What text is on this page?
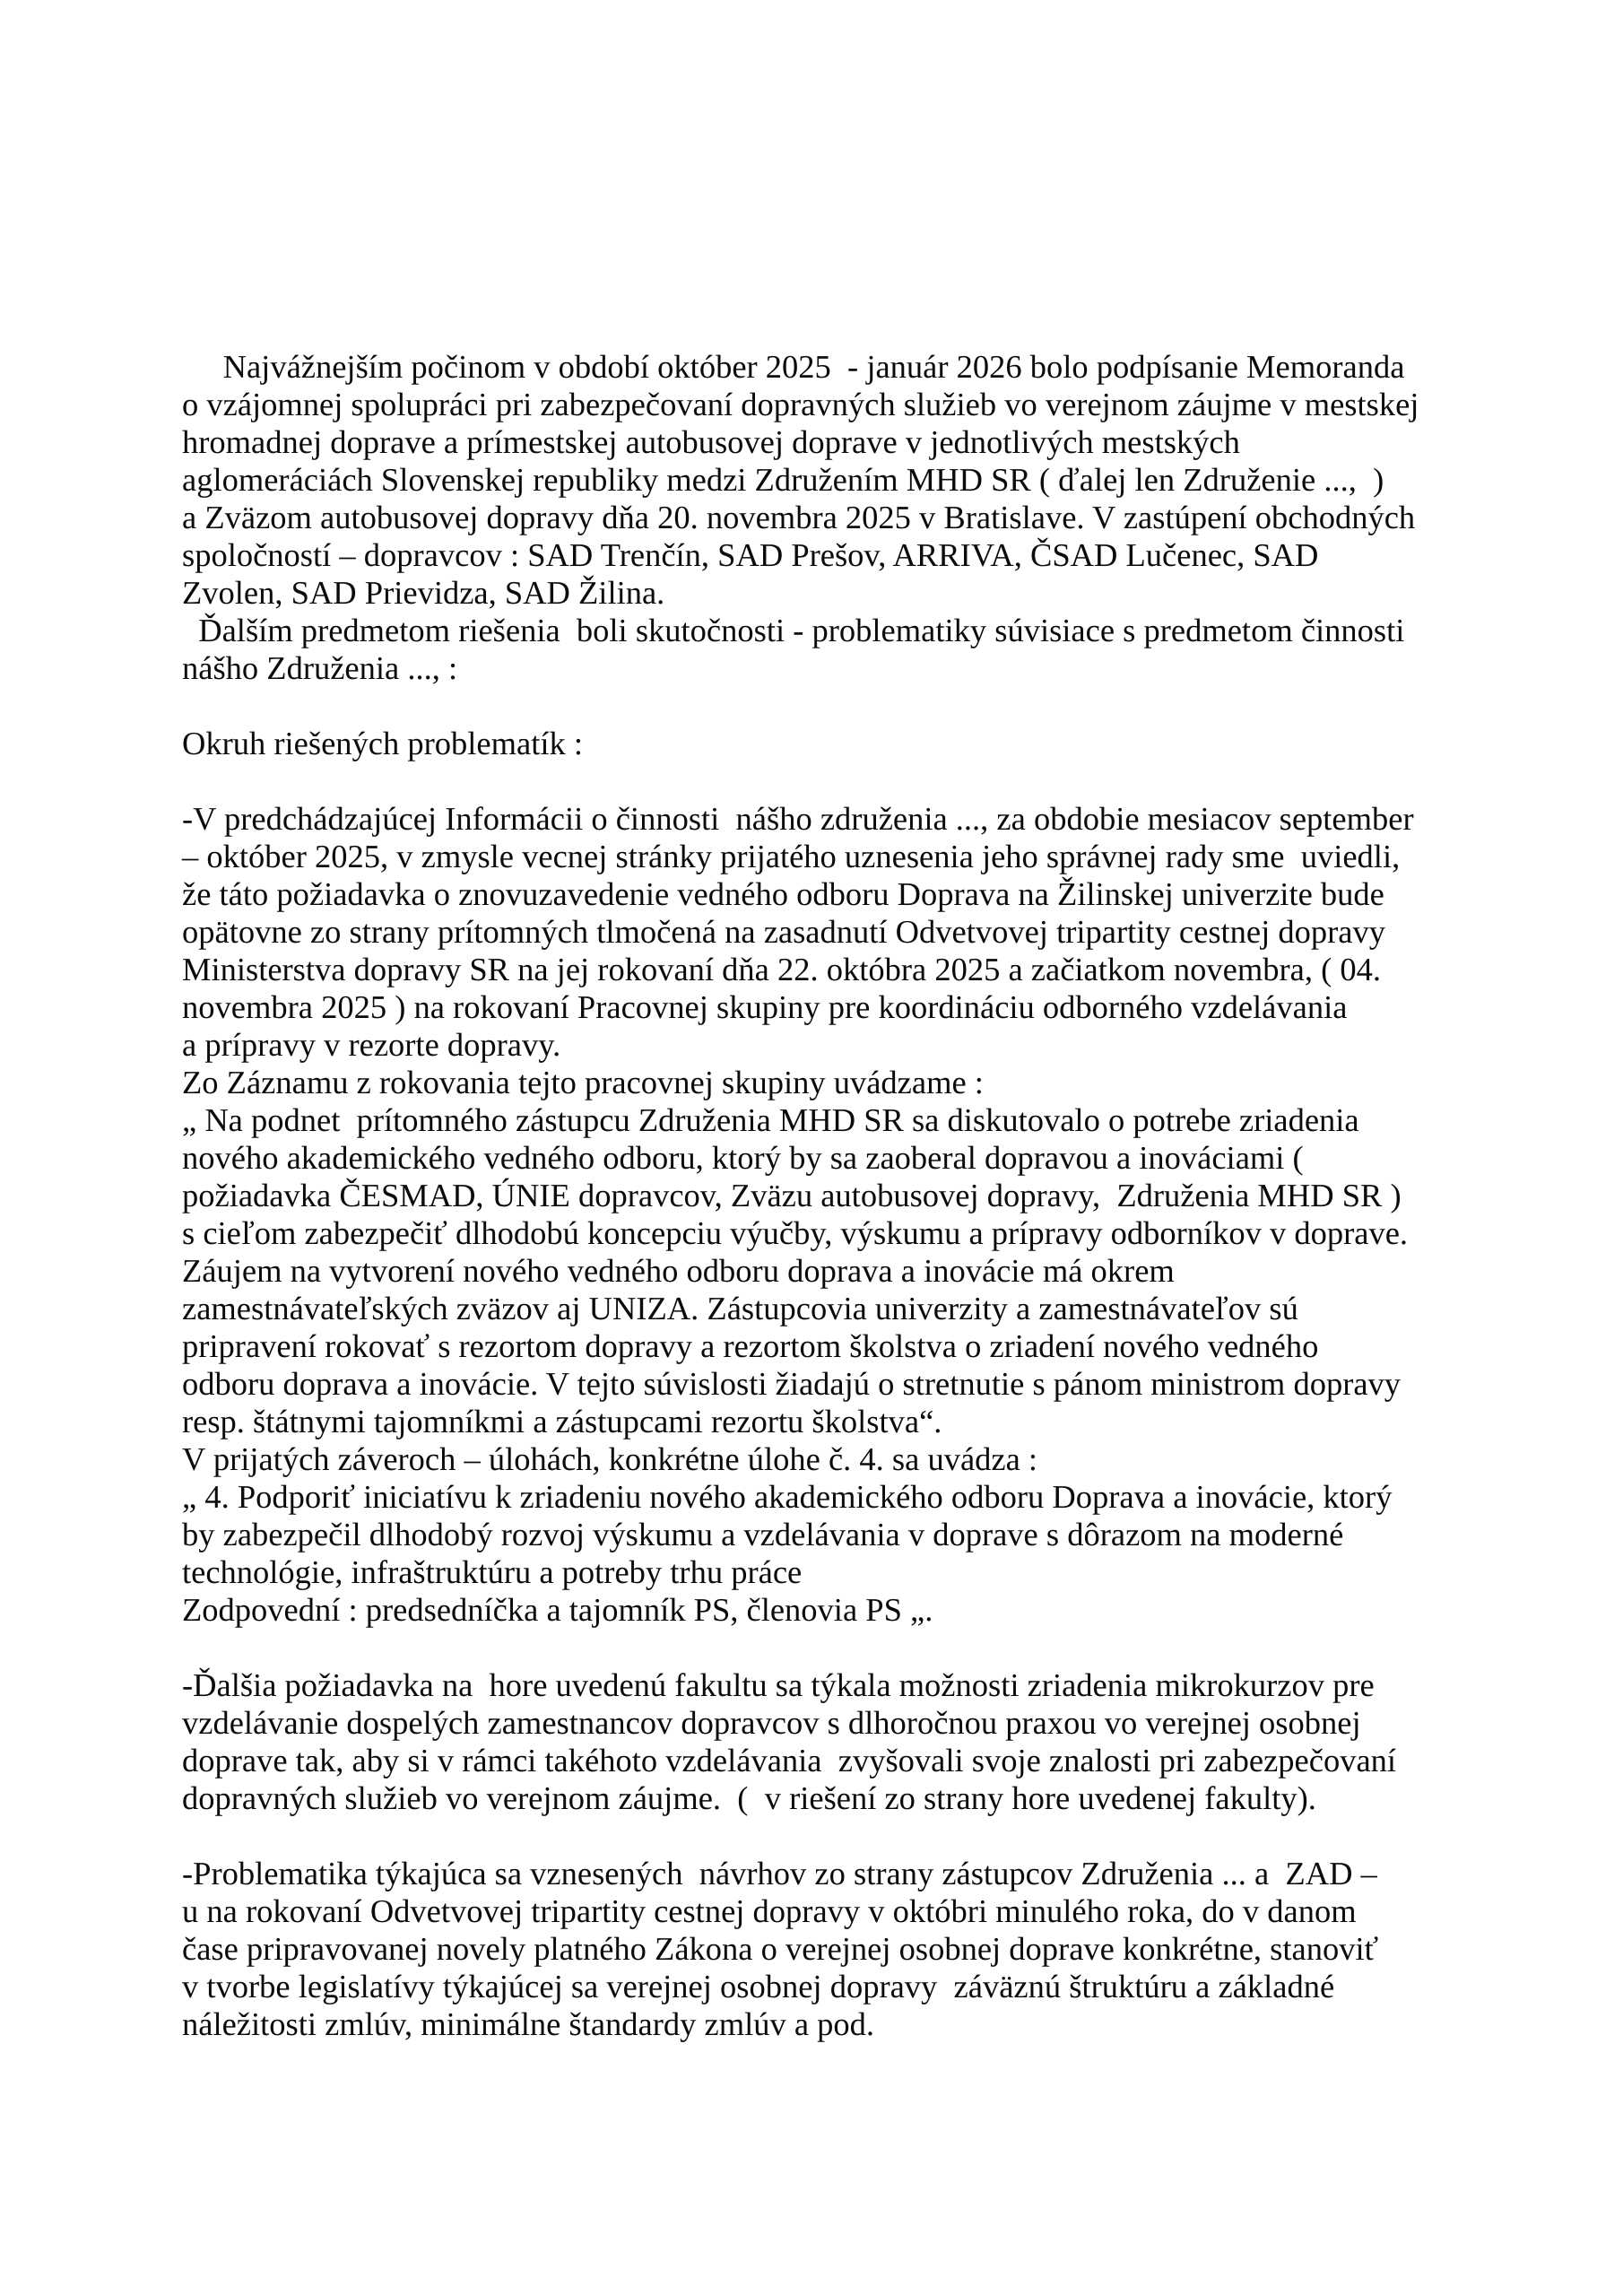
Najvážnejším počinom v období október 2025  - január 2026 bolo podpísanie Memoranda
o vzájomnej spolupráci pri zabezpečovaní dopravných služieb vo verejnom záujme v mestskej
hromadnej doprave a prímestskej autobusovej doprave v jednotlivých mestských
aglomeráciách Slovenskej republiky medzi Združením MHD SR ( ďalej len Združenie ...,  )
a Zväzom autobusovej dopravy dňa 20. novembra 2025 v Bratislave. V zastúpení obchodných
spoločností – dopravcov : SAD Trenčín, SAD Prešov, ARRIVA, ČSAD Lučenec, SAD
Zvolen, SAD Prievidza, SAD Žilina.
Ďalším predmetom riešenia  boli skutočnosti - problematiky súvisiace s predmetom činnosti
nášho Združenia ..., :
Okruh riešených problematík :
-V predchádzajúcej Informácii o činnosti  nášho združenia ..., za obdobie mesiacov september
– október 2025, v zmysle vecnej stránky prijatého uznesenia jeho správnej rady sme  uviedli,
že táto požiadavka o znovuzavedenie vedného odboru Doprava na Žilinskej univerzite bude
opätovne zo strany prítomných tlmočená na zasadnutí Odvetvovej tripartity cestnej dopravy
Ministerstva dopravy SR na jej rokovaní dňa 22. októbra 2025 a začiatkom novembra, ( 04.
novembra 2025 ) na rokovaní Pracovnej skupiny pre koordináciu odborného vzdelávania
a prípravy v rezorte dopravy.
Zo Záznamu z rokovania tejto pracovnej skupiny uvádzame :
„ Na podnet  prítomného zástupcu Združenia MHD SR sa diskutovalo o potrebe zriadenia
nového akademického vedného odboru, ktorý by sa zaoberal dopravou a inováciami (
požiadavka ČESMAD, ÚNIE dopravcov, Zväzu autobusovej dopravy,  Združenia MHD SR )
s cieľom zabezpečiť dlhodobú koncepciu výučby, výskumu a prípravy odborníkov v doprave.
Záujem na vytvorení nového vedného odboru doprava a inovácie má okrem
zamestnávateľských zväzov aj UNIZA. Zástupcovia univerzity a zamestnávateľov sú
pripravení rokovať s rezortom dopravy a rezortom školstva o zriadení nového vedného
odboru doprava a inovácie. V tejto súvislosti žiadajú o stretnutie s pánom ministrom dopravy
resp. štátnymi tajomníkmi a zástupcami rezortu školstva“.
V prijatých záveroch – úlohách, konkrétne úlohe č. 4. sa uvádza :
„ 4. Podporiť iniciatívu k zriadeniu nového akademického odboru Doprava a inovácie, ktorý
by zabezpečil dlhodobý rozvoj výskumu a vzdelávania v doprave s dôrazom na moderné
technológie, infraštruktúru a potreby trhu práce
Zodpovední : predsedníčka a tajomník PS, členovia PS „.
-Ďalšia požiadavka na  hore uvedenú fakultu sa týkala možnosti zriadenia mikrokurzov pre
vzdelávanie dospelých zamestnancov dopravcov s dlhoročnou praxou vo verejnej osobnej
doprave tak, aby si v rámci takéhoto vzdelávania  zvyšovali svoje znalosti pri zabezpečovaní
dopravných služieb vo verejnom záujme.  (  v riešení zo strany hore uvedenej fakulty).
-Problematika týkajúca sa vznesených  návrhov zo strany zástupcov Združenia ... a  ZAD –
u na rokovaní Odvetvovej tripartity cestnej dopravy v októbri minulého roka, do v danom
čase pripravovanej novely platného Zákona o verejnej osobnej doprave konkrétne, stanoviť
v tvorbe legislatívy týkajúcej sa verejnej osobnej dopravy  záväznú štruktúru a základné
náležitosti zmlúv, minimálne štandardy zmlúv a pod.
